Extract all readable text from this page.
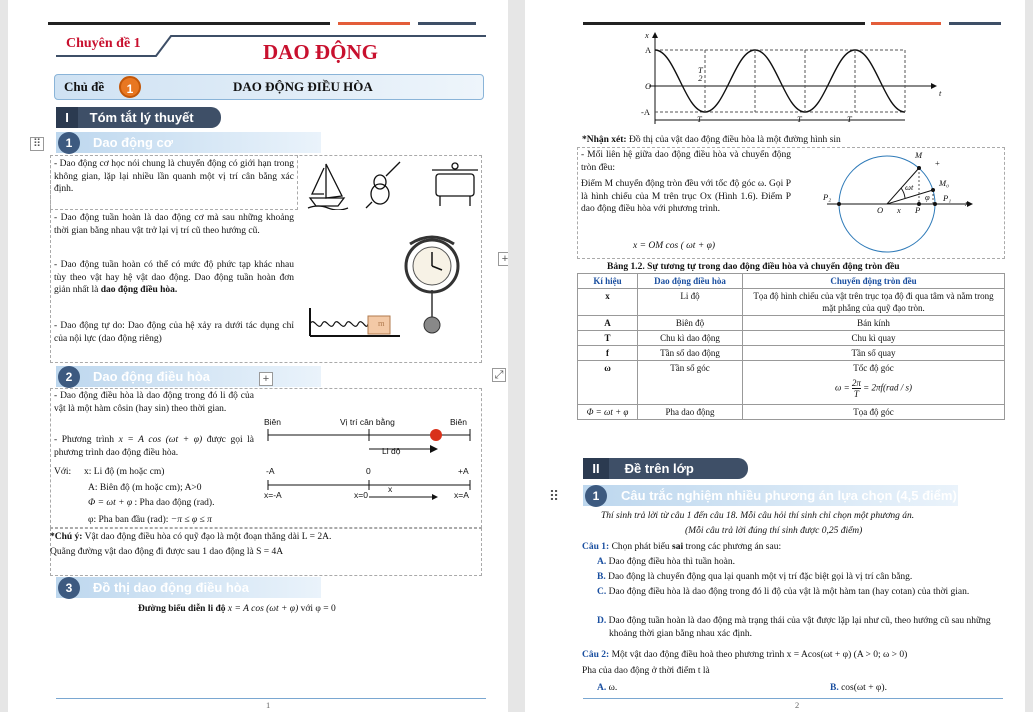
Chuyên đề 1	DAO ĐỘNG
Chủ đề	1	DAO ĐỘNG ĐIỀU HÒA
I Tóm tắt lý thuyết
⠿	1	Dao động cơ
- Dao động cơ học nói chung là chuyển động có giới hạn trong không gian, lặp lại nhiều lần quanh một vị trí cân bằng xác định.
- Dao động tuần hoàn là dao động cơ mà sau những khoảng thời gian bằng nhau vật trở lại vị trí cũ theo hướng cũ.
- Dao động tuần hoàn có thể có mức độ phức tạp khác nhau tùy theo vật hay hệ vật dao động. Dao động tuần hoàn đơn giản nhất là dao động điều hòa.
- Dao động tự do: Dao động của hệ xảy ra dưới tác dụng chỉ của nội lực (dao động riêng)
m
+
2	Dao động điều hòa	+	⤢
- Dao động điều hòa là dao động trong đó li độ của vật là một hàm côsin (hay sin) theo thời gian.
- Phương trình x = A cos (ωt + φ) được gọi là phương trình dao động điều hòa.
Với: x: Li độ (m hoặc cm)
A: Biên độ (m hoặc cm); A>0
Φ = ωt + φ : Pha dao động (rad).
φ: Pha ban đầu (rad): −π ≤ φ ≤ π
Biên	Vị trí cân bằng	Biên
Li độ
-A	0	+A
x=-A	x=0
x
x=A
*Chú ý: Vật dao động điều hòa có quỹ đạo là một đoạn thẳng dài L = 2A.
Quãng đường vật dao động đi được sau 1 dao động là S = 4A
3	Đồ thị dao động điều hòa
Đường biểu diễn li độ x = A cos (ωt + φ) với φ = 0
1
x
A
O
-A
t
T
2
T	T	T
*Nhận xét: Đồ thị của vật dao động điều hòa là một đường hình sin
- Mối liên hệ giữa dao động điều hòa và chuyển động tròn đều:
Điểm M chuyển động tròn đều với tốc độ góc ω. Gọi P là hình chiếu của M trên trục Ox (Hình 1.6). Điểm P dao động điều hòa với phương trình.
x = OM cos ( ωt + φ)
M
+
ωt	M₀
P₁
P₂
O x P
x
φ
Bảng 1.2. Sự tương tự trong dao động điều hòa và chuyển động tròn đều
Kí hiệu	Dao động điều hòa	Chuyển động tròn đều
x	Li độ	Tọa độ hình chiếu của vật trên trục tọa độ đi qua tâm và nằm trong mặt phẳng của quỹ đạo tròn.
A	Biên độ	Bán kính
T	Chu kì dao động	Chu kì quay
f	Tần số dao động	Tần số quay
ω	Tần số góc	Tốc độ góc
$\omega = \frac{2\pi}{T} = 2\pi f(rad / s)$

Φ = ωt + φ	Pha dao động	Tọa độ góc
II Đề trên lớp
⠿	1	Câu trắc nghiệm nhiều phương án lựa chọn (4,5 điểm)
Thí sinh trả lời từ câu 1 đến câu 18. Mỗi câu hỏi thí sinh chỉ chọn một phương án.
(Mỗi câu trả lời đúng thí sinh được 0,25 điểm)
Câu 1: Chọn phát biểu sai trong các phương án sau:
A. Dao động điều hòa thì tuần hoàn.
B. Dao động là chuyển động qua lại quanh một vị trí đặc biệt gọi là vị trí cân bằng.
C. Dao động điều hòa là dao động trong đó li độ của vật là một hàm tan (hay cotan) của thời gian.
D. Dao động tuần hoàn là dao động mà trạng thái của vật được lặp lại như cũ, theo hướng cũ sau những khoảng thời gian bằng nhau xác định.
Câu 2: Một vật dao động điều hoà theo phương trình x = Acos(ωt + φ) (A > 0; ω > 0)
Pha của dao động ở thời điểm t là
A. ω.	B. cos(ωt + φ).
2
